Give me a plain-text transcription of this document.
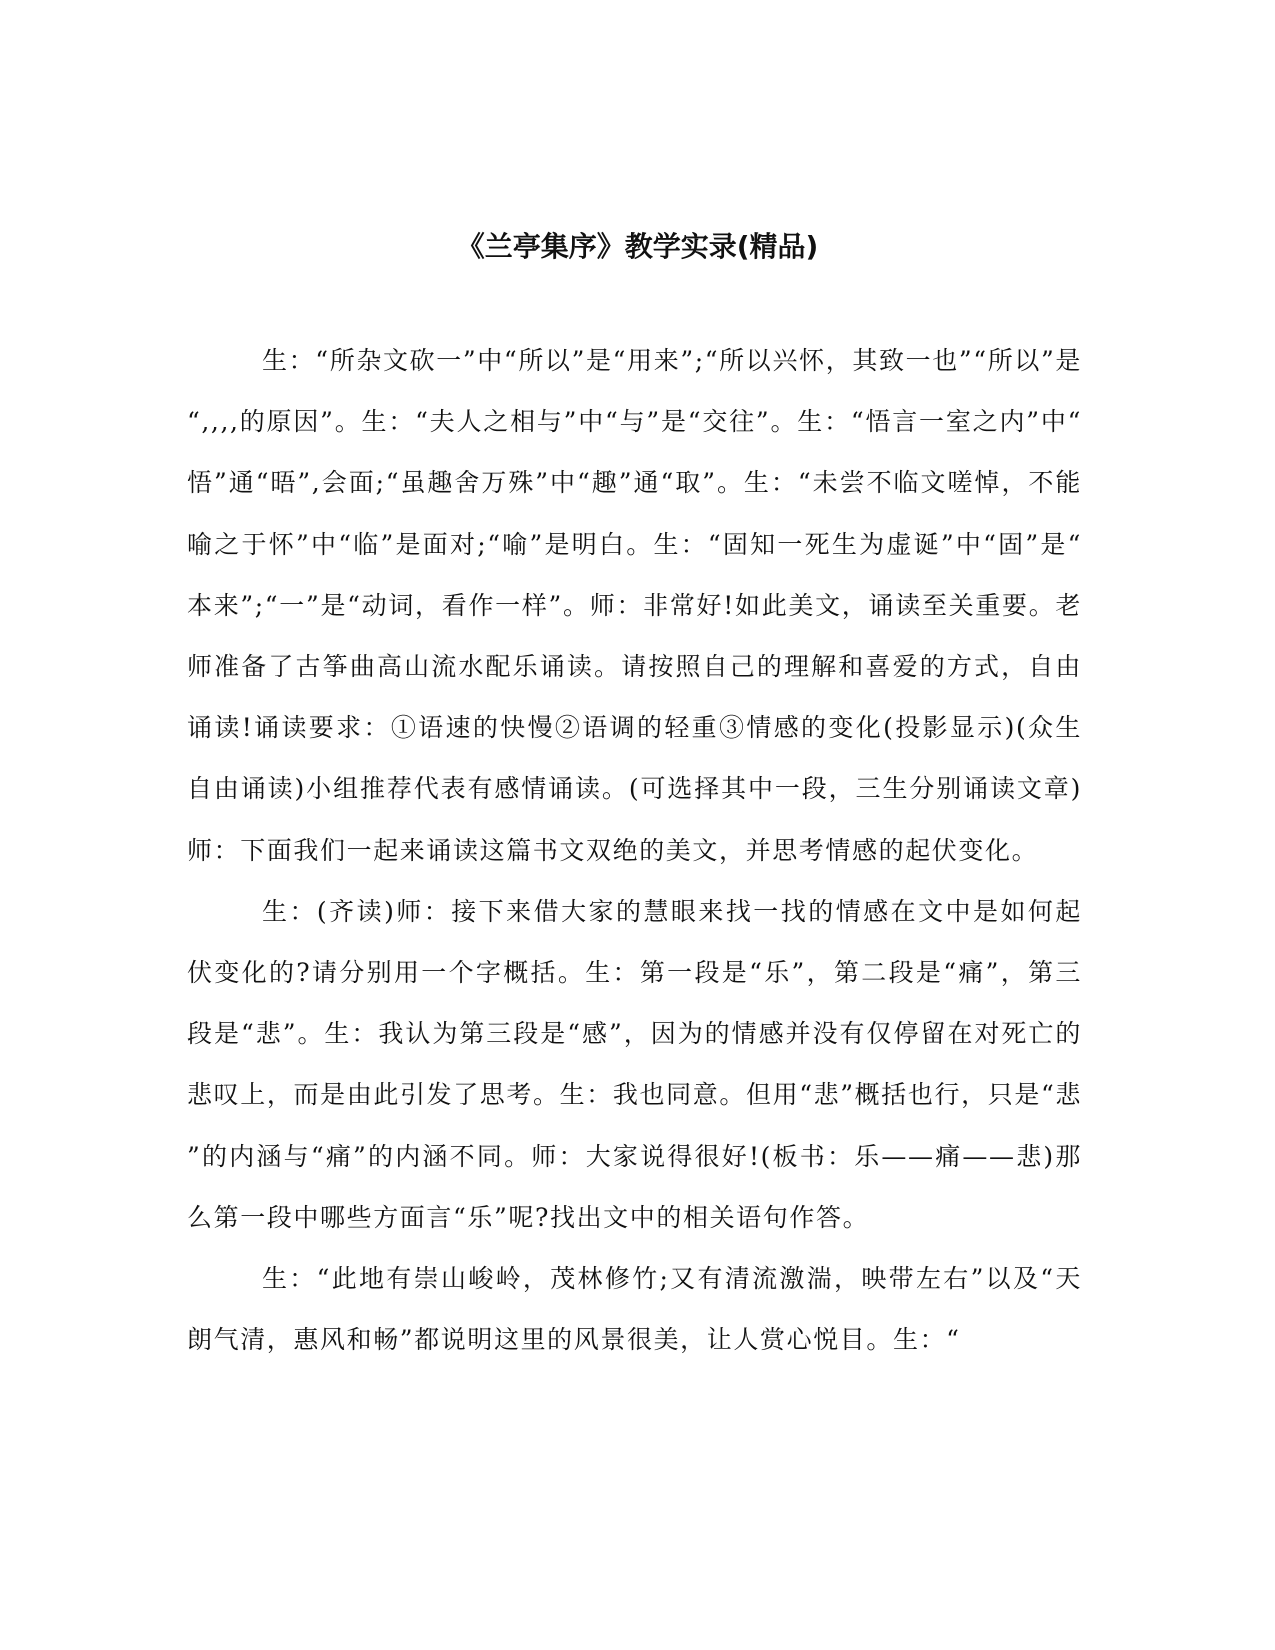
《兰亭集序》教学实录(精品)

生：“所杂文砍一”中“所以”是“用来”;“所以兴怀，其致一也”“所以”是“,,,,的原因”。生：“夫人之相与”中“与”是“交往”。生：“悟言一室之内”中“悟”通“晤”,会面;“虽趣舍万殊”中“趣”通“取”。生：“未尝不临文嗟悼，不能喻之于怀”中“临”是面对;“喻”是明白。生：“固知一死生为虚诞”中“固”是“本来”;“一”是“动词，看作一样”。师：非常好!如此美文，诵读至关重要。老师准备了古筝曲高山流水配乐诵读。请按照自己的理解和喜爱的方式，自由诵读!诵读要求：①语速的快慢②语调的轻重③情感的变化(投影显示)(众生自由诵读)小组推荐代表有感情诵读。(可选择其中一段，三生分别诵读文章)师：下面我们一起来诵读这篇书文双绝的美文，并思考情感的起伏变化。

生：(齐读)师：接下来借大家的慧眼来找一找的情感在文中是如何起伏变化的?请分别用一个字概括。生：第一段是“乐”，第二段是“痛”，第三段是“悲”。生：我认为第三段是“感”，因为的情感并没有仅停留在对死亡的悲叹上，而是由此引发了思考。生：我也同意。但用“悲”概括也行，只是“悲”的内涵与“痛”的内涵不同。师：大家说得很好!(板书：乐——痛——悲)那么第一段中哪些方面言“乐”呢?找出文中的相关语句作答。

生：“此地有崇山峻岭，茂林修竹;又有清流激湍，映带左右”以及“天朗气清，惠风和畅”都说明这里的风景很美，让人赏心悦目。生：“
